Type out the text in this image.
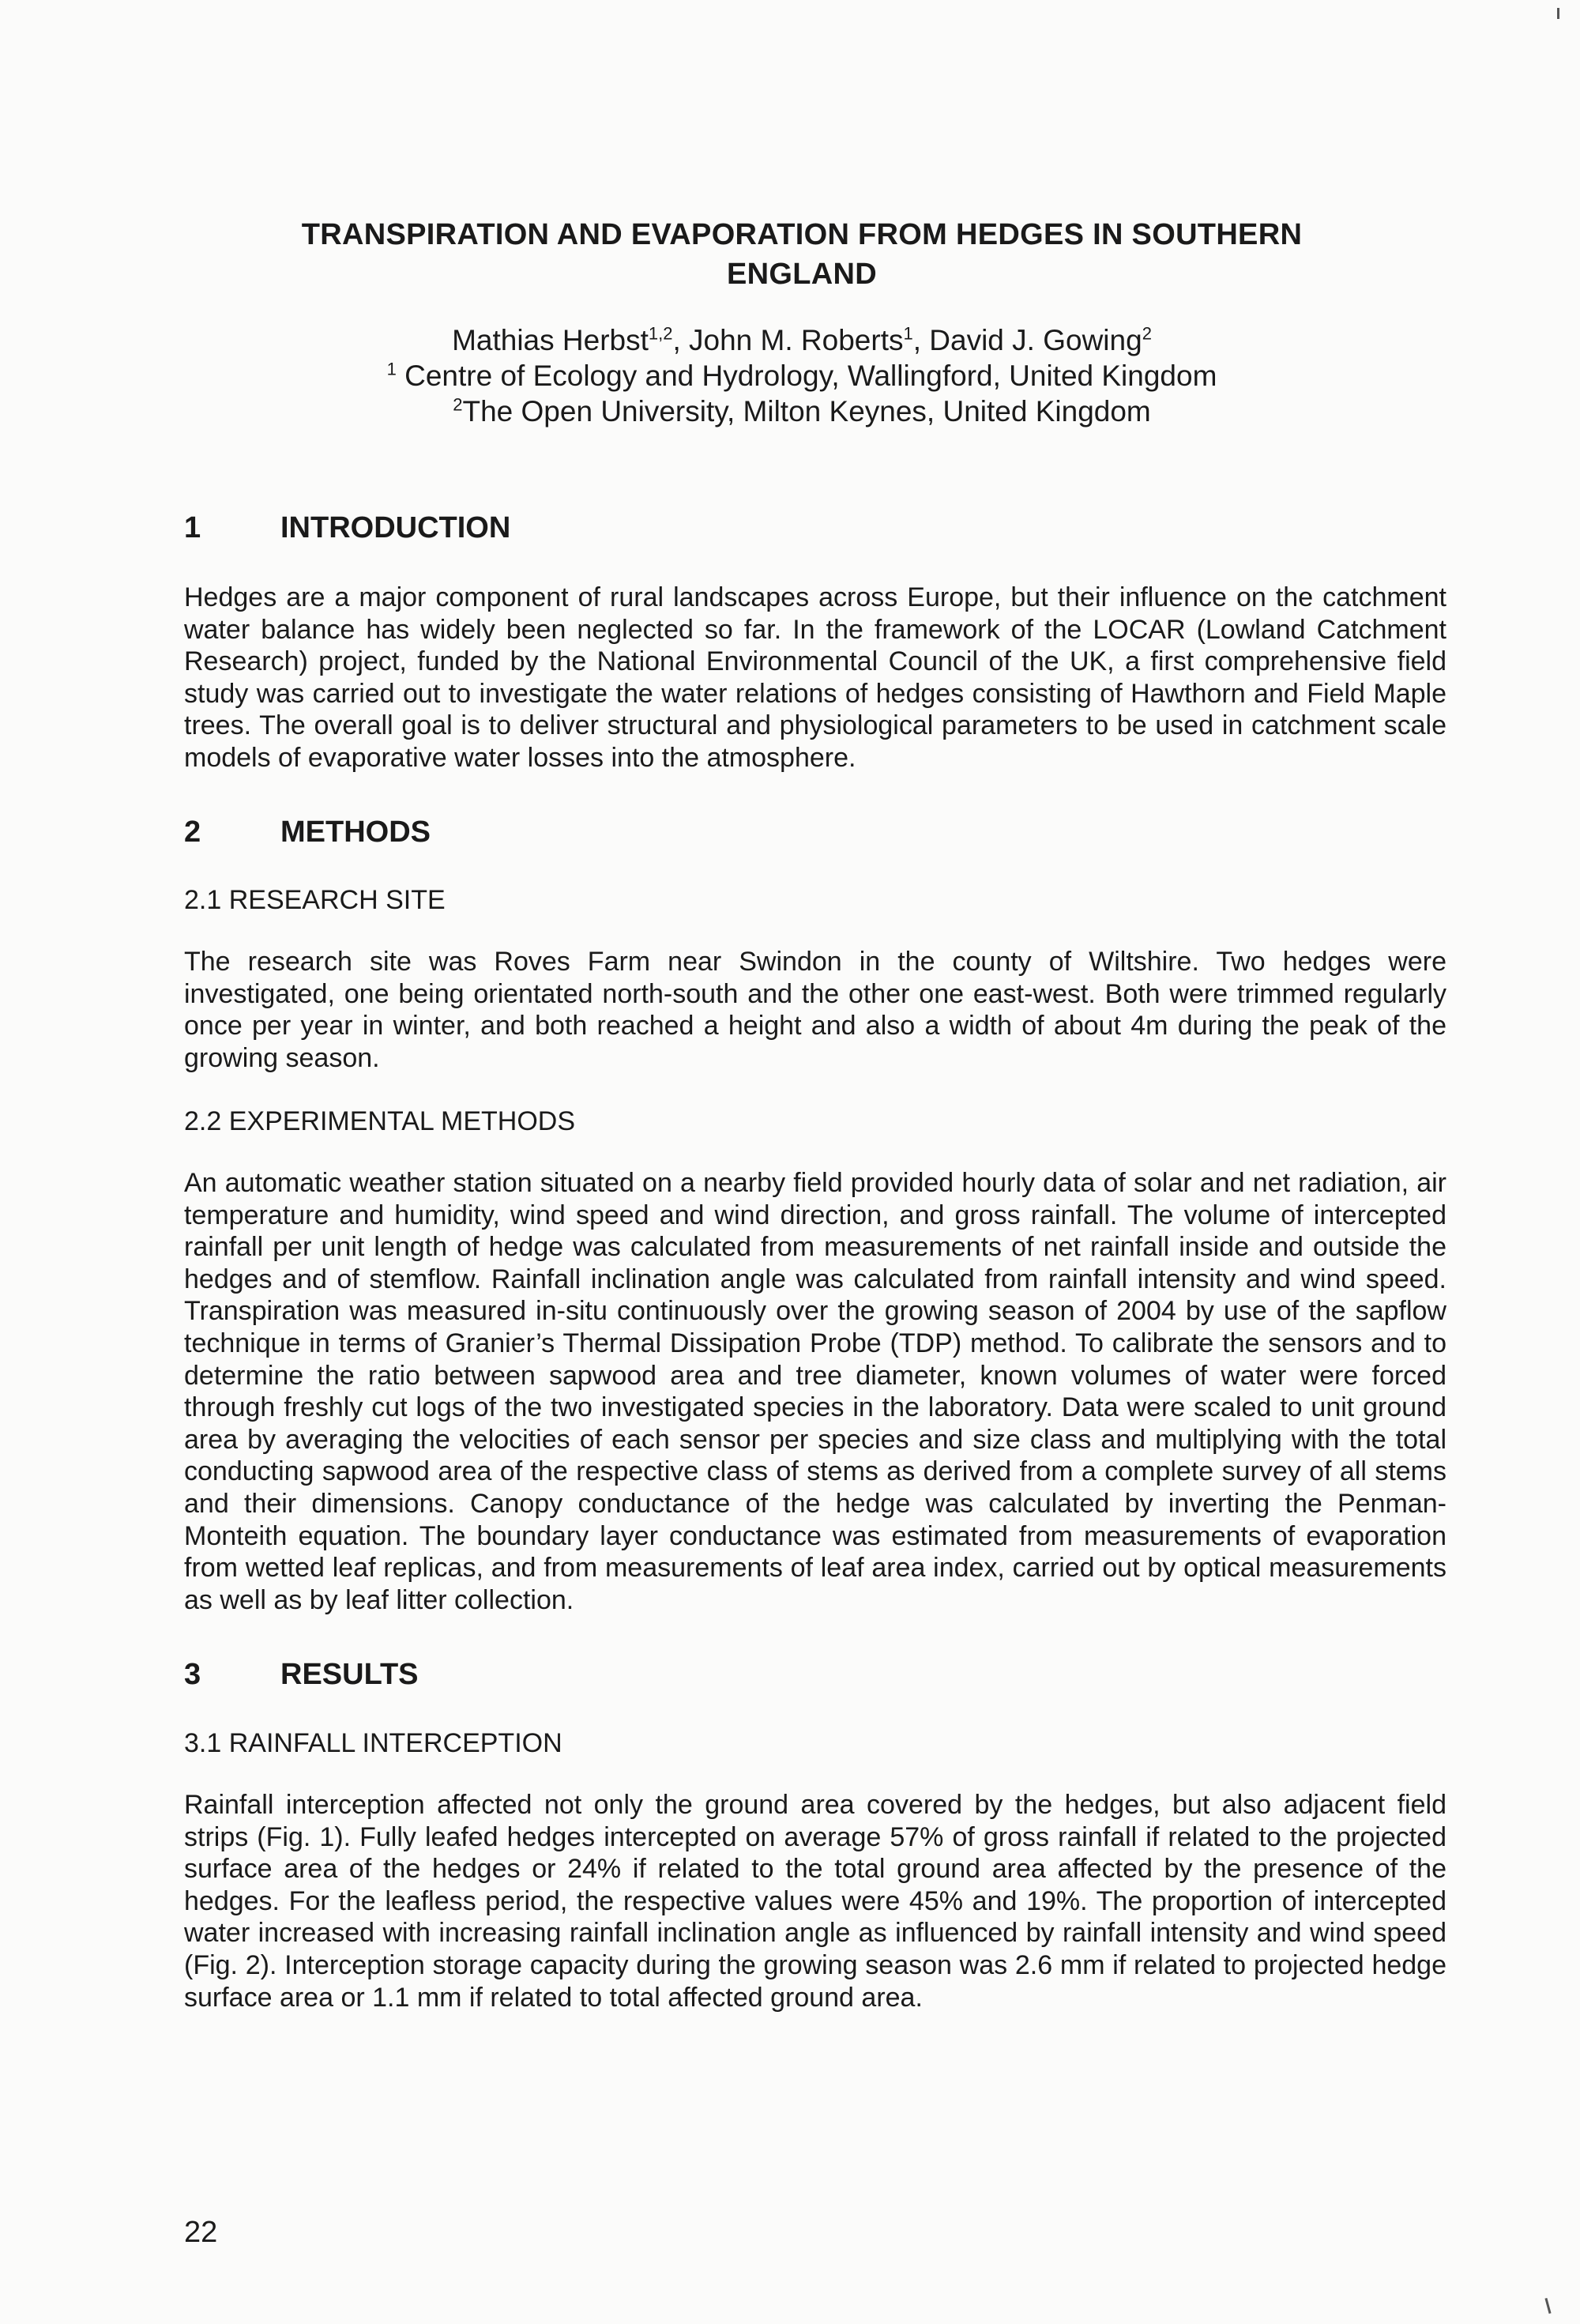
TRANSPIRATION AND EVAPORATION FROM HEDGES IN SOUTHERN
ENGLAND
Mathias Herbst$^{1,2}$, John M. Roberts$^1$, David J. Gowing$^2$
$^1$ Centre of Ecology and Hydrology, Wallingford, United Kingdom
$^2$The Open University, Milton Keynes, United Kingdom
1	INTRODUCTION
Hedges are a major component of rural landscapes across Europe, but their influence on the catchment water balance has widely been neglected so far. In the framework of the LOCAR (Lowland Catchment Research) project, funded by the National Environmental Council of the UK, a first comprehensive field study was carried out to investigate the water relations of hedges consisting of Hawthorn and Field Maple trees. The overall goal is to deliver structural and physiological parameters to be used in catchment scale models of evaporative water losses into the atmosphere.
2	METHODS
2.1 RESEARCH SITE
The research site was Roves Farm near Swindon in the county of Wiltshire. Two hedges were investigated, one being orientated north-south and the other one east-west. Both were trimmed regularly once per year in winter, and both reached a height and also a width of about 4m during the peak of the growing season.
2.2 EXPERIMENTAL METHODS
An automatic weather station situated on a nearby field provided hourly data of solar and net radiation, air temperature and humidity, wind speed and wind direction, and gross rainfall. The volume of intercepted rainfall per unit length of hedge was calculated from measurements of net rainfall inside and outside the hedges and of stemflow. Rainfall inclination angle was calculated from rainfall intensity and wind speed. Transpiration was measured in-situ continuously over the growing season of 2004 by use of the sapflow technique in terms of Granier’s Thermal Dissipation Probe (TDP) method. To calibrate the sensors and to determine the ratio between sapwood area and tree diameter, known volumes of water were forced through freshly cut logs of the two investigated species in the laboratory. Data were scaled to unit ground area by averaging the velocities of each sensor per species and size class and multiplying with the total conducting sapwood area of the respective class of stems as derived from a complete survey of all stems and their dimensions. Canopy conductance of the hedge was calculated by inverting the Penman-Monteith equation. The boundary layer conductance was estimated from measurements of evaporation from wetted leaf replicas, and from measurements of leaf area index, carried out by optical measurements as well as by leaf litter collection.
3	RESULTS
3.1 RAINFALL INTERCEPTION
Rainfall interception affected not only the ground area covered by the hedges, but also adjacent field strips (Fig. 1). Fully leafed hedges intercepted on average 57% of gross rainfall if related to the projected surface area of the hedges or 24% if related to the total ground area affected by the presence of the hedges. For the leafless period, the respective values were 45% and 19%. The proportion of intercepted water increased with increasing rainfall inclination angle as influenced by rainfall intensity and wind speed (Fig. 2). Interception storage capacity during the growing season was 2.6 mm if related to projected hedge surface area or 1.1 mm if related to total affected ground area.
22
